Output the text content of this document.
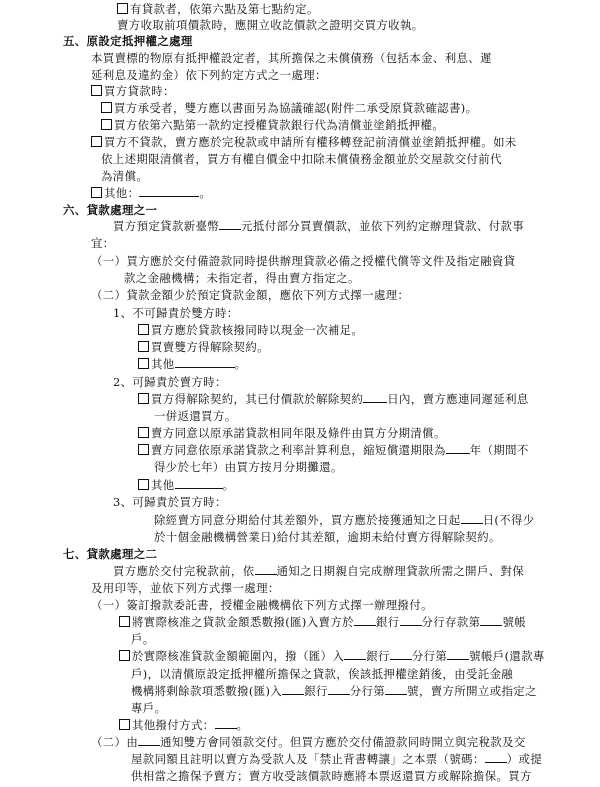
有貸款者，依第六點及第七點約定。
賣方收取前項價款時，應開立收訖價款之證明交買方收執。
五、原設定抵押權之處理
本買賣標的物原有抵押權設定者，其所擔保之未償債務（包括本金、利息、遲
延利息及違約金）依下列約定方式之一處理：
買方貸款時：
買方承受者，雙方應以書面另為協議確認(附件二承受原貸款確認書)。
買方依第六點第一款約定授權貸款銀行代為清償並塗銷抵押權。
買方不貸款，賣方應於完稅款或申請所有權移轉登記前清償並塗銷抵押權。如未
依上述期限清償者，買方有權自價金中扣除未償債務金額並於交屋款交付前代
為清償。
其他：	。
六、貸款處理之一
買方預定貸款新臺幣 元抵付部分買賣價款，並依下列約定辦理貸款、付款事
宜：
（一）買方應於交付備證款同時提供辦理貸款必備之授權代償等文件及指定融資貸
款之金融機構；未指定者，得由賣方指定之。
（二）貸款金額少於預定貸款金額，應依下列方式擇一處理：
1、不可歸責於雙方時：
買方應於貸款核撥同時以現金一次補足。
買賣雙方得解除契約。
其他	。
2、可歸責於賣方時：
買方得解除契約，其已付價款於解除契約 日內，賣方應連同遲延利息
一併返還買方。
賣方同意以原承諾貸款相同年限及條件由買方分期清償。
賣方同意依原承諾貸款之利率計算利息，縮短償還期限為 年（期間不
得少於七年）由買方按月分期攤還。
其他	。
3、可歸責於買方時：
除經賣方同意分期給付其差額外，買方應於接獲通知之日起 日(不得少
於十個金融機構營業日)給付其差額，逾期未給付賣方得解除契約。
七、貸款處理之二
買方應於交付完稅款前，依 通知之日期親自完成辦理貸款所需之開戶、對保
及用印等，並依下列方式擇一處理：
（一）簽訂撥款委託書，授權金融機構依下列方式擇一辦理撥付。
將實際核准之貸款金額悉數撥(匯)入賣方於 銀行 分行存款第 號帳
戶。
於實際核准貸款金額範圍內，撥（匯）入 銀行 分行第 號帳戶(還款專
戶)，以清償原設定抵押權所擔保之貸款，俟該抵押權塗銷後，由受託金融
機構將剩餘款項悉數撥(匯)入 銀行 分行第 號，賣方所開立或指定之
專戶。
其他撥付方式： 。
（二）由 通知雙方會同領款交付。但買方應於交付備證款同時開立與完稅款及交
屋款同額且註明以賣方為受款人及「禁止背書轉讓」之本票（號碼： ）或提
供相當之擔保予賣方；賣方收受該價款時應將本票返還買方或解除擔保。買方
